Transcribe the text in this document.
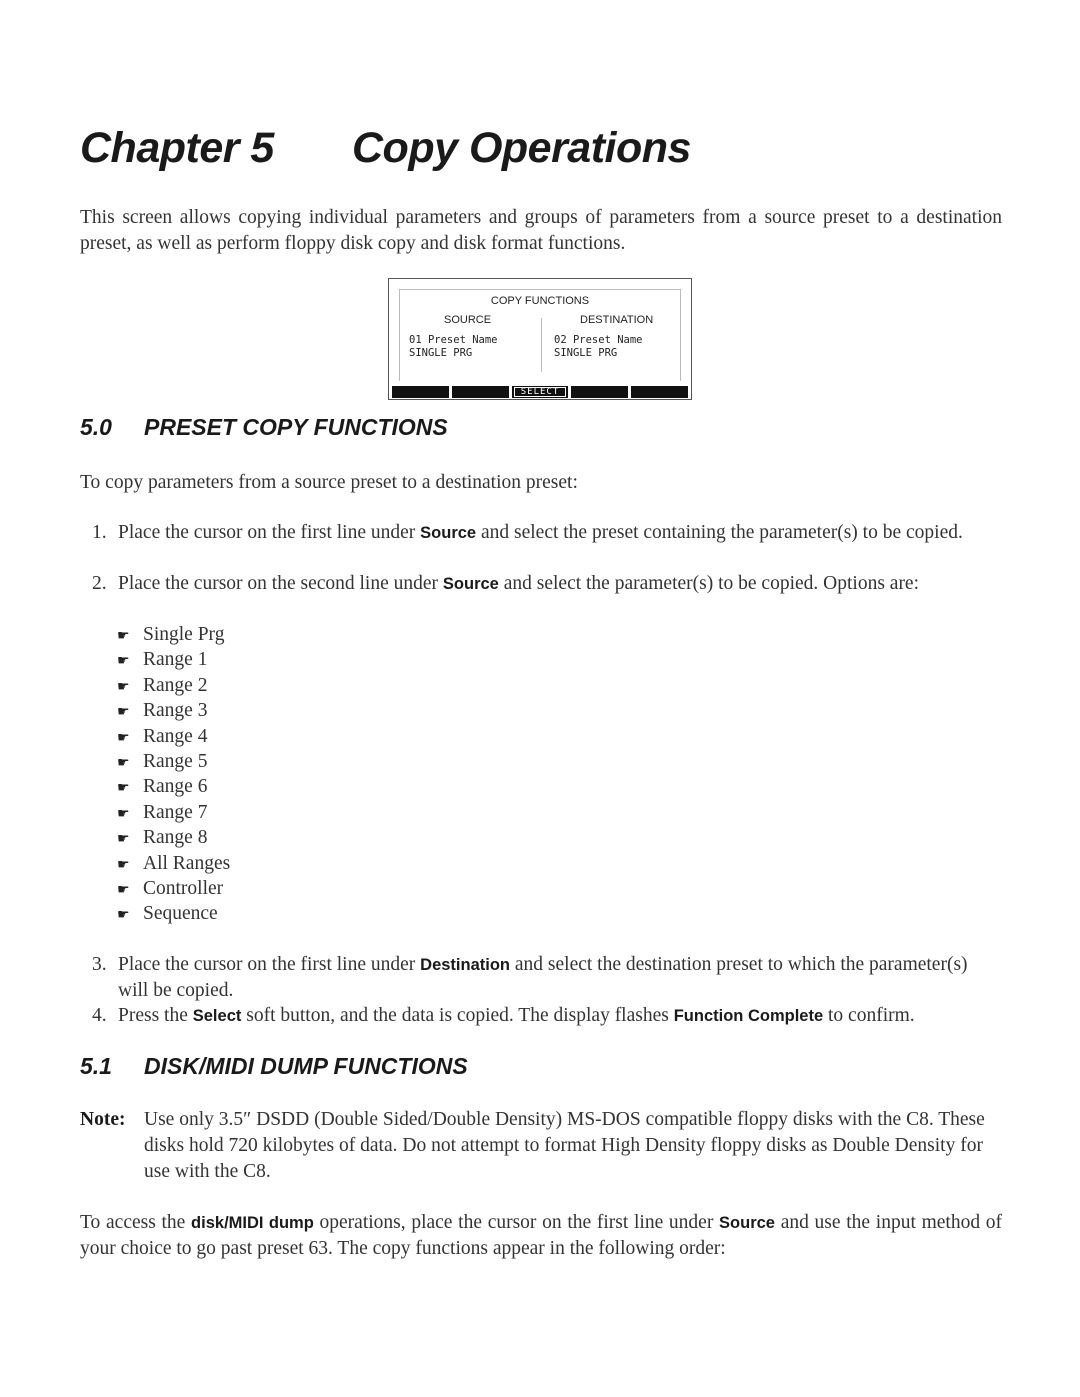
Chapter 5 Copy Operations

This screen allows copying individual parameters and groups of parameters from a source preset to a destination preset, as well as perform floppy disk copy and disk format functions.

COPY FUNCTIONS
SOURCE	DESTINATION
01 Preset Name
SINGLE PRG
02 Preset Name
SINGLE PRG
SELECT
5.0 PRESET COPY FUNCTIONS

To copy parameters from a source preset to a destination preset:

1. Place the cursor on the first line under Source and select the preset containing the parameter(s) to be copied.
2. Place the cursor on the second line under Source and select the parameter(s) to be copied. Options are:
☛ Single Prg
☛ Range 1
☛ Range 2
☛ Range 3
☛ Range 4
☛ Range 5
☛ Range 6
☛ Range 7
☛ Range 8
☛ All Ranges
☛ Controller
☛ Sequence
3. Place the cursor on the first line under Destination and select the destination preset to which the parameter(s) will be copied.
4. Press the Select soft button, and the data is copied. The display flashes Function Complete to confirm.
5.1 DISK/MIDI DUMP FUNCTIONS
Note: Use only 3.5″ DSDD (Double Sided/Double Density) MS-DOS compatible floppy disks with the C8. These disks hold 720 kilobytes of data. Do not attempt to format High Density floppy disks as Double Density for use with the C8.

To access the disk/MIDI dump operations, place the cursor on the first line under Source and use the input method of your choice to go past preset 63. The copy functions appear in the following order:
